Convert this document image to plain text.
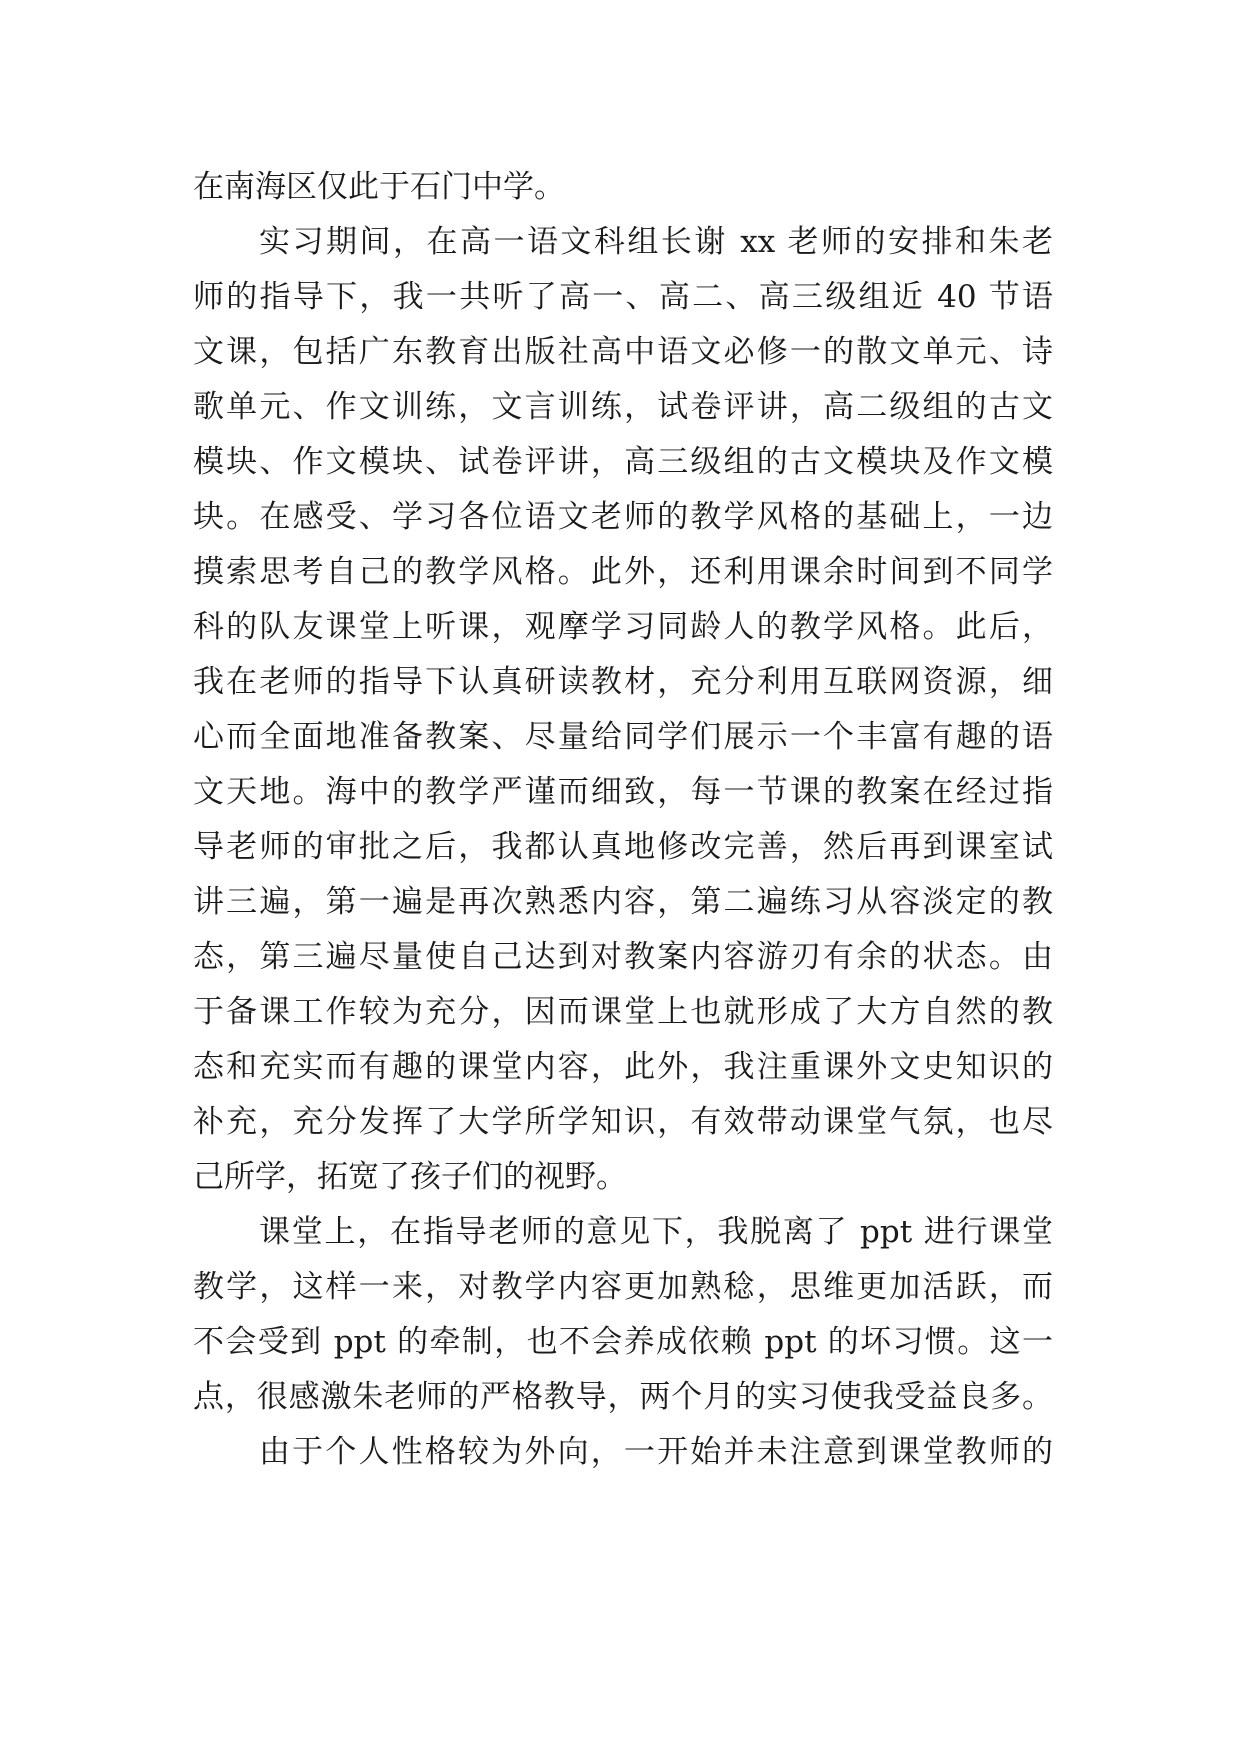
在南海区仅此于石门中学。
实习期间，在高一语文科组长谢 xx 老师的安排和朱老
师的指导下，我一共听了高一、高二、高三级组近 40 节语
文课，包括广东教育出版社高中语文必修一的散文单元、诗
歌单元、作文训练，文言训练，试卷评讲，高二级组的古文
模块、作文模块、试卷评讲，高三级组的古文模块及作文模
块。在感受、学习各位语文老师的教学风格的基础上，一边
摸索思考自己的教学风格。此外，还利用课余时间到不同学
科的队友课堂上听课，观摩学习同龄人的教学风格。此后，
我在老师的指导下认真研读教材，充分利用互联网资源，细
心而全面地准备教案、尽量给同学们展示一个丰富有趣的语
文天地。海中的教学严谨而细致，每一节课的教案在经过指
导老师的审批之后，我都认真地修改完善，然后再到课室试
讲三遍，第一遍是再次熟悉内容，第二遍练习从容淡定的教
态，第三遍尽量使自己达到对教案内容游刃有余的状态。由
于备课工作较为充分，因而课堂上也就形成了大方自然的教
态和充实而有趣的课堂内容，此外，我注重课外文史知识的
补充，充分发挥了大学所学知识，有效带动课堂气氛，也尽
己所学，拓宽了孩子们的视野。
课堂上，在指导老师的意见下，我脱离了 ppt 进行课堂
教学，这样一来，对教学内容更加熟稔，思维更加活跃，而
不会受到 ppt 的牵制，也不会养成依赖 ppt 的坏习惯。这一
点，很感激朱老师的严格教导，两个月的实习使我受益良多。
由于个人性格较为外向，一开始并未注意到课堂教师的
